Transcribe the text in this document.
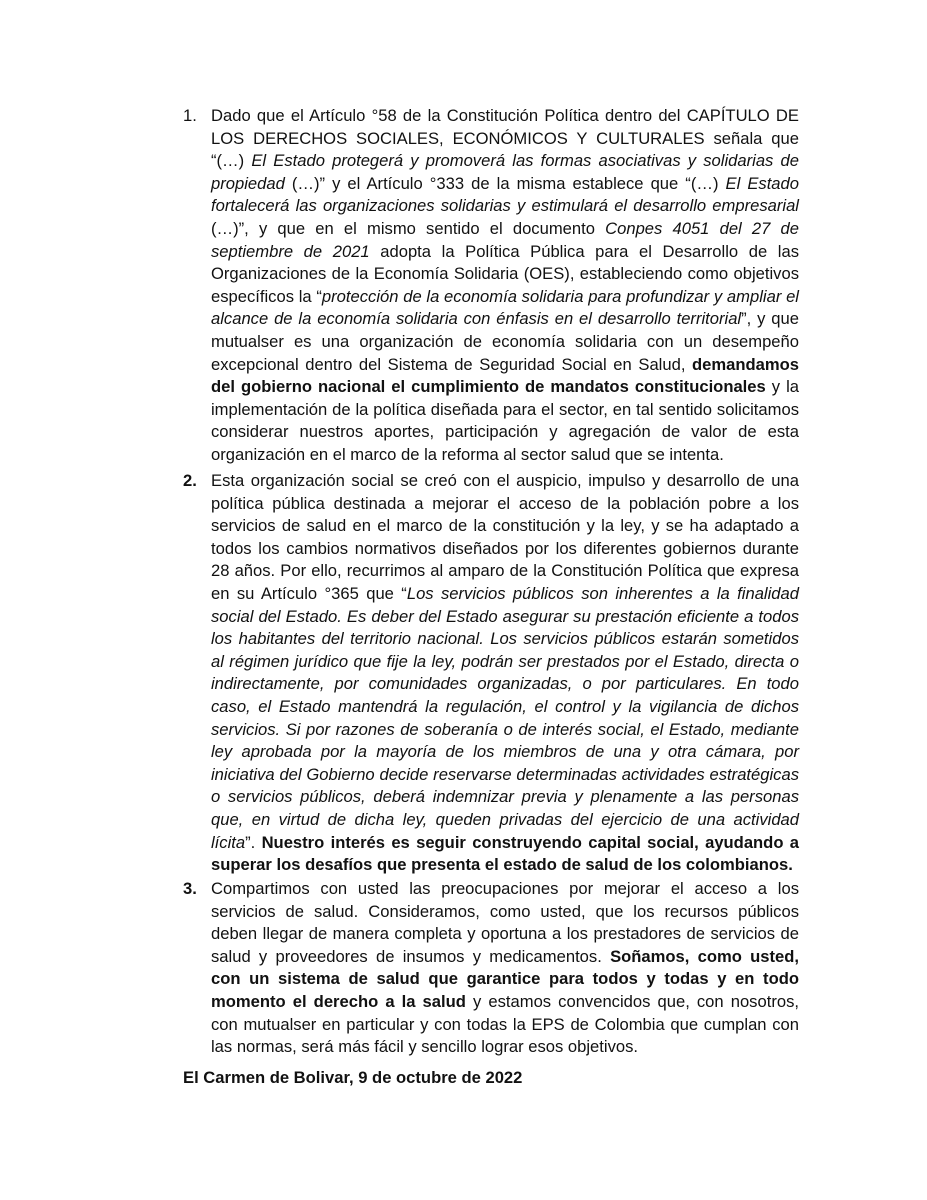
1. Dado que el Artículo °58 de la Constitución Política dentro del CAPÍTULO DE LOS DERECHOS SOCIALES, ECONÓMICOS Y CULTURALES señala que “(…) El Estado protegerá y promoverá las formas asociativas y solidarias de propiedad (…)” y el Artículo °333 de la misma establece que “(…) El Estado fortalecerá las organizaciones solidarias y estimulará el desarrollo empresarial (…)”, y que en el mismo sentido el documento Conpes 4051 del 27 de septiembre de 2021 adopta la Política Pública para el Desarrollo de las Organizaciones de la Economía Solidaria (OES), estableciendo como objetivos específicos la “protección de la economía solidaria para profundizar y ampliar el alcance de la economía solidaria con énfasis en el desarrollo territorial”, y que mutualser es una organización de economía solidaria con un desempeño excepcional dentro del Sistema de Seguridad Social en Salud, demandamos del gobierno nacional el cumplimiento de mandatos constitucionales y la implementación de la política diseñada para el sector, en tal sentido solicitamos considerar nuestros aportes, participación y agregación de valor de esta organización en el marco de la reforma al sector salud que se intenta.
2. Esta organización social se creó con el auspicio, impulso y desarrollo de una política pública destinada a mejorar el acceso de la población pobre a los servicios de salud en el marco de la constitución y la ley, y se ha adaptado a todos los cambios normativos diseñados por los diferentes gobiernos durante 28 años. Por ello, recurrimos al amparo de la Constitución Política que expresa en su Artículo °365 que “Los servicios públicos son inherentes a la finalidad social del Estado. Es deber del Estado asegurar su prestación eficiente a todos los habitantes del territorio nacional. Los servicios públicos estarán sometidos al régimen jurídico que fije la ley, podrán ser prestados por el Estado, directa o indirectamente, por comunidades organizadas, o por particulares. En todo caso, el Estado mantendrá la regulación, el control y la vigilancia de dichos servicios. Si por razones de soberanía o de interés social, el Estado, mediante ley aprobada por la mayoría de los miembros de una y otra cámara, por iniciativa del Gobierno decide reservarse determinadas actividades estratégicas o servicios públicos, deberá indemnizar previa y plenamente a las personas que, en virtud de dicha ley, queden privadas del ejercicio de una actividad lícita”. Nuestro interés es seguir construyendo capital social, ayudando a superar los desafíos que presenta el estado de salud de los colombianos.
3. Compartimos con usted las preocupaciones por mejorar el acceso a los servicios de salud. Consideramos, como usted, que los recursos públicos deben llegar de manera completa y oportuna a los prestadores de servicios de salud y proveedores de insumos y medicamentos. Soñamos, como usted, con un sistema de salud que garantice para todos y todas y en todo momento el derecho a la salud y estamos convencidos que, con nosotros, con mutualser en particular y con todas la EPS de Colombia que cumplan con las normas, será más fácil y sencillo lograr esos objetivos.
El Carmen de Bolivar, 9 de octubre de 2022
